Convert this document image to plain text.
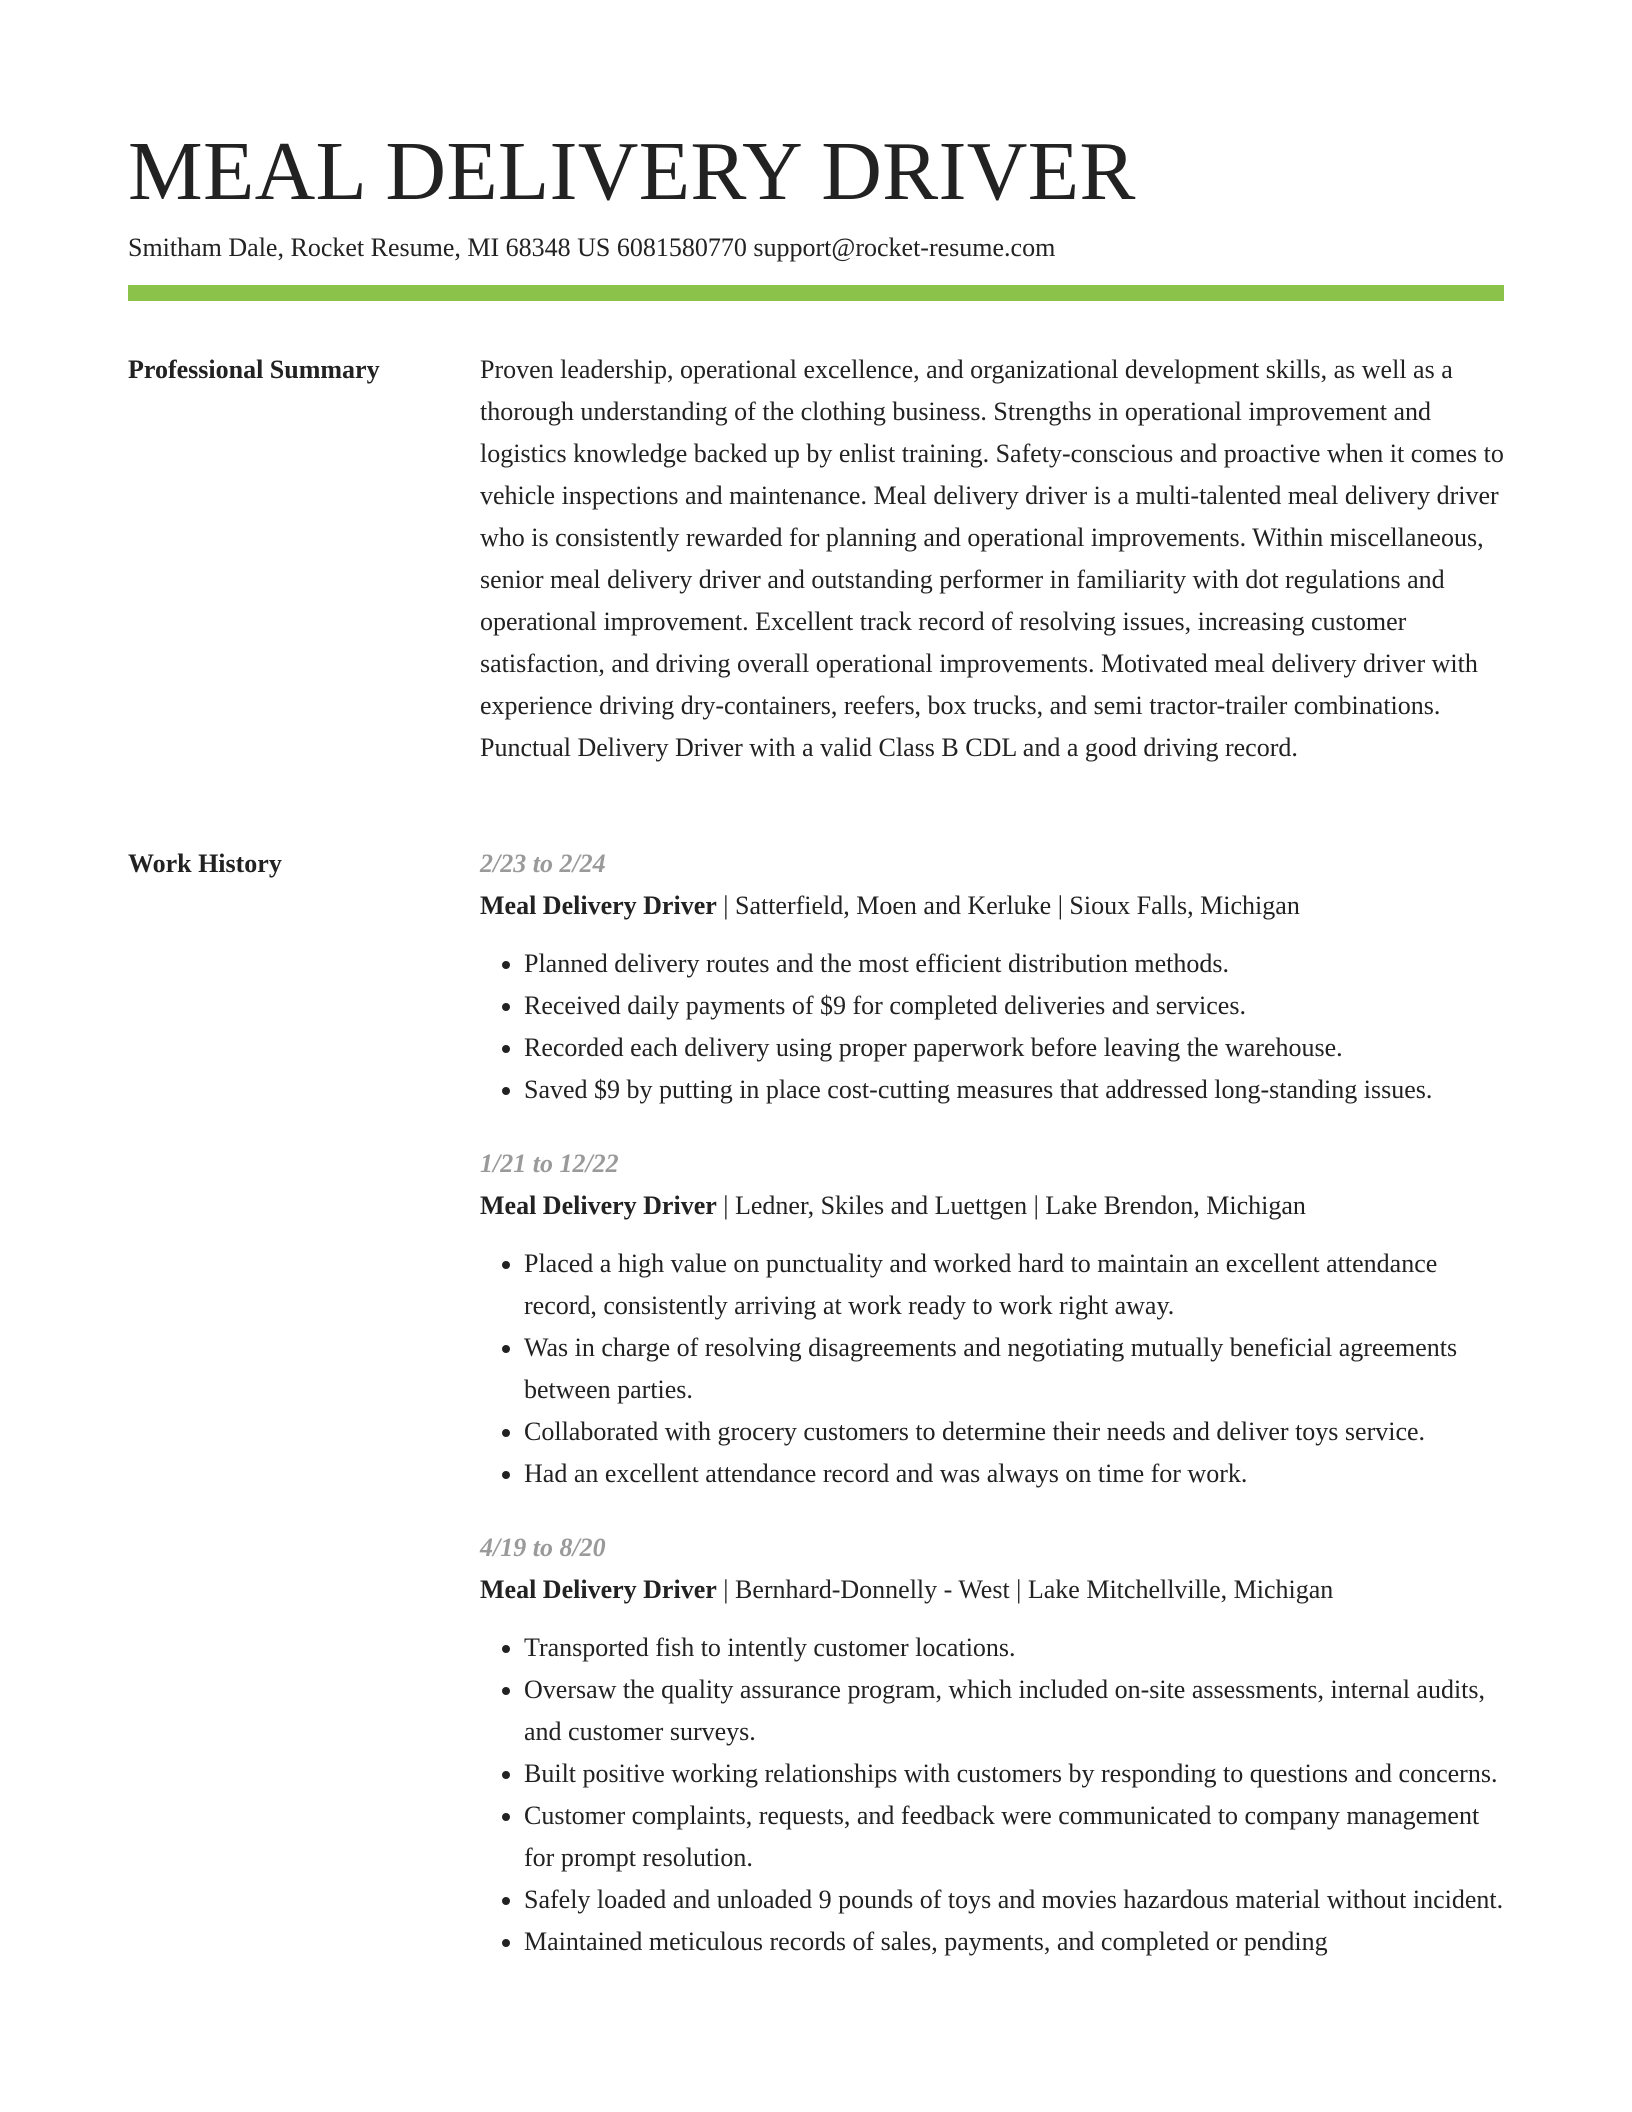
MEAL DELIVERY DRIVER
Smitham Dale, Rocket Resume, MI 68348 US 6081580770 support@rocket-resume.com
Professional Summary	Proven leadership, operational excellence, and organizational development skills, as well as a thorough understanding of the clothing business. Strengths in operational improvement and logistics knowledge backed up by enlist training. Safety-conscious and proactive when it comes to vehicle inspections and maintenance. Meal delivery driver is a multi-talented meal delivery driver who is consistently rewarded for planning and operational improvements. Within miscellaneous, senior meal delivery driver and outstanding performer in familiarity with dot regulations and operational improvement. Excellent track record of resolving issues, increasing customer satisfaction, and driving overall operational improvements. Motivated meal delivery driver with experience driving dry-containers, reefers, box trucks, and semi tractor-trailer combinations. Punctual Delivery Driver with a valid Class B CDL and a good driving record.

Work History	2/23 to 2/24
Meal Delivery Driver | Satterfield, Moen and Kerluke | Sioux Falls, Michigan
• Planned delivery routes and the most efficient distribution methods.
• Received daily payments of $9 for completed deliveries and services.
• Recorded each delivery using proper paperwork before leaving the warehouse.
• Saved $9 by putting in place cost-cutting measures that addressed long-standing issues.
1/21 to 12/22
Meal Delivery Driver | Ledner, Skiles and Luettgen | Lake Brendon, Michigan
• Placed a high value on punctuality and worked hard to maintain an excellent attendance record, consistently arriving at work ready to work right away.
• Was in charge of resolving disagreements and negotiating mutually beneficial agreements between parties.
• Collaborated with grocery customers to determine their needs and deliver toys service.
• Had an excellent attendance record and was always on time for work.
4/19 to 8/20
Meal Delivery Driver | Bernhard-Donnelly - West | Lake Mitchellville, Michigan
• Transported fish to intently customer locations.
• Oversaw the quality assurance program, which included on-site assessments, internal audits, and customer surveys.
• Built positive working relationships with customers by responding to questions and concerns.
• Customer complaints, requests, and feedback were communicated to company management for prompt resolution.
• Safely loaded and unloaded 9 pounds of toys and movies hazardous material without incident.
• Maintained meticulous records of sales, payments, and completed or pending
